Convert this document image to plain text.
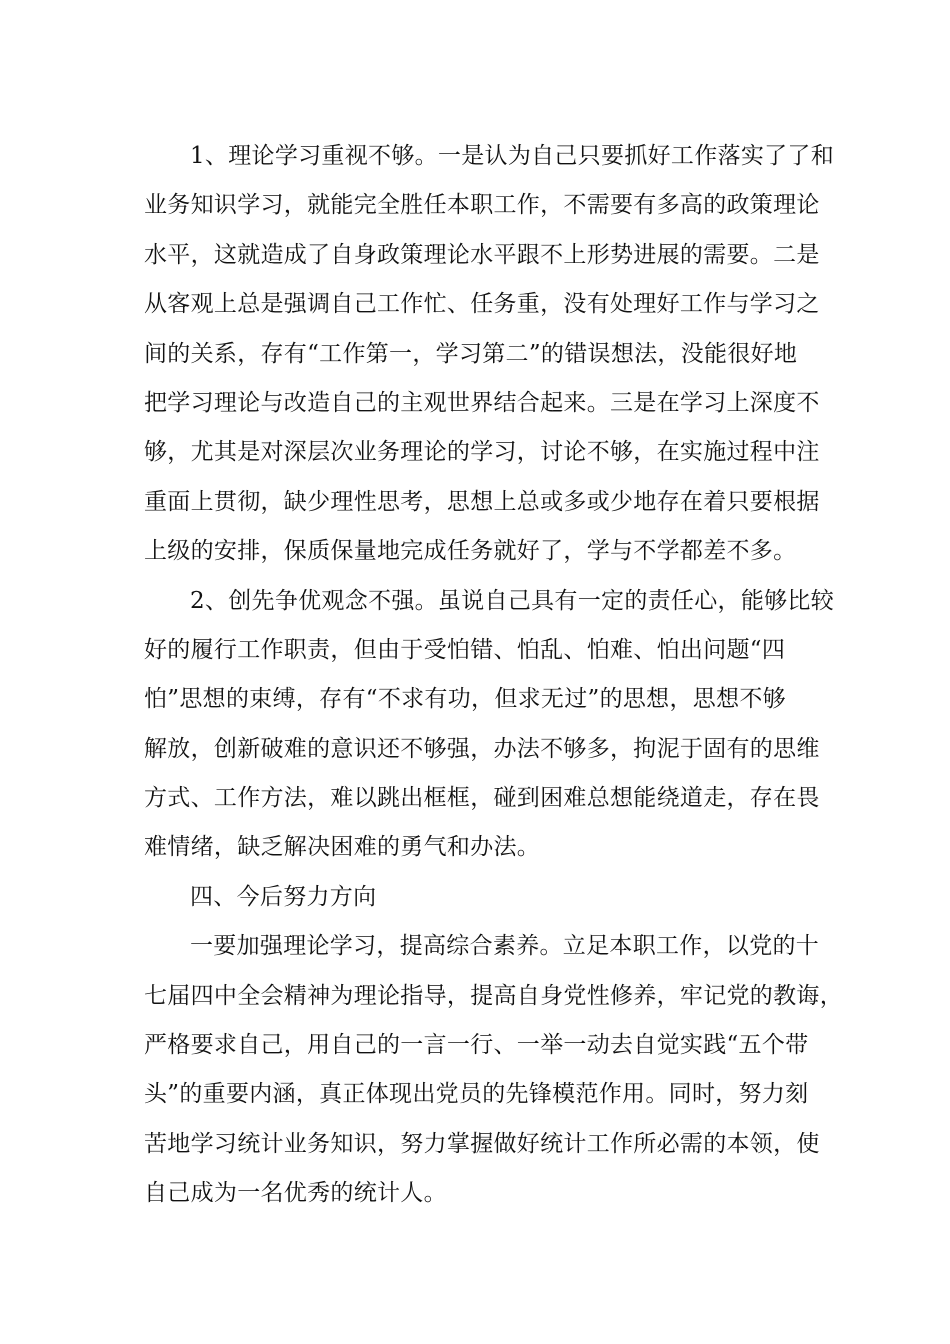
1、理论学习重视不够。一是认为自己只要抓好工作落实了了和
业务知识学习，就能完全胜任本职工作，不需要有多高的政策理论
水平，这就造成了自身政策理论水平跟不上形势进展的需要。二是
从客观上总是强调自己工作忙、任务重，没有处理好工作与学习之
间的关系，存有“工作第一，学习第二”的错误想法，没能很好地
把学习理论与改造自己的主观世界结合起来。三是在学习上深度不
够，尤其是对深层次业务理论的学习，讨论不够，在实施过程中注
重面上贯彻，缺少理性思考，思想上总或多或少地存在着只要根据
上级的安排，保质保量地完成任务就好了，学与不学都差不多。
2、创先争优观念不强。虽说自己具有一定的责任心，能够比较
好的履行工作职责，但由于受怕错、怕乱、怕难、怕出问题“四
怕”思想的束缚，存有“不求有功，但求无过”的思想，思想不够
解放，创新破难的意识还不够强，办法不够多，拘泥于固有的思维
方式、工作方法，难以跳出框框，碰到困难总想能绕道走，存在畏
难情绪，缺乏解决困难的勇气和办法。
四、今后努力方向
一要加强理论学习，提高综合素养。立足本职工作，以党的十
七届四中全会精神为理论指导，提高自身党性修养，牢记党的教诲，
严格要求自己，用自己的一言一行、一举一动去自觉实践“五个带
头”的重要内涵，真正体现出党员的先锋模范作用。同时，努力刻
苦地学习统计业务知识，努力掌握做好统计工作所必需的本领，使
自己成为一名优秀的统计人。
